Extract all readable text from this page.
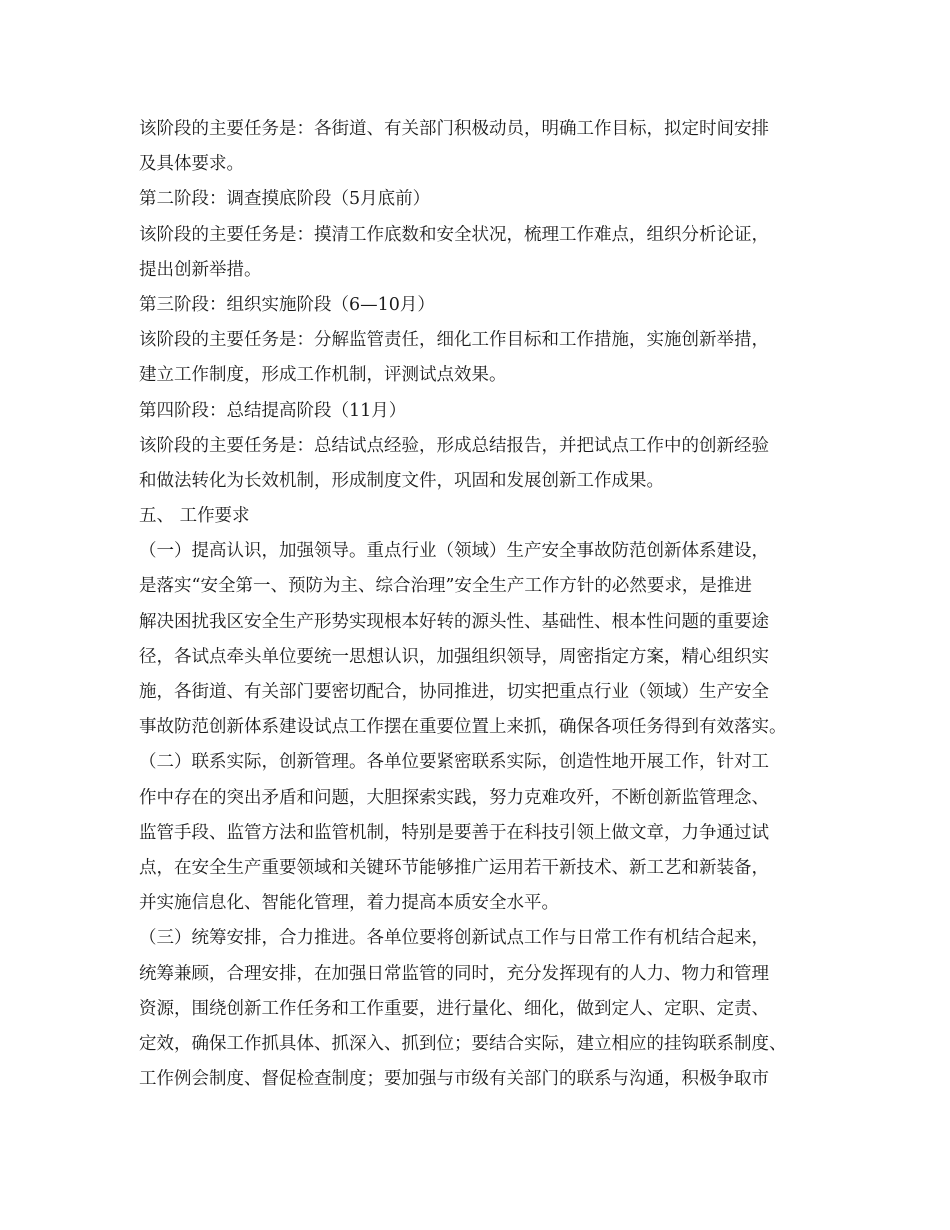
该阶段的主要任务是：各街道、有关部门积极动员，明确工作目标，拟定时间安排
及具体要求。
第二阶段：调查摸底阶段（5月底前）
该阶段的主要任务是：摸清工作底数和安全状况，梳理工作难点，组织分析论证，
提出创新举措。
第三阶段：组织实施阶段（6—10月）
该阶段的主要任务是：分解监管责任，细化工作目标和工作措施，实施创新举措，
建立工作制度，形成工作机制，评测试点效果。
第四阶段：总结提高阶段（11月）
该阶段的主要任务是：总结试点经验，形成总结报告，并把试点工作中的创新经验
和做法转化为长效机制，形成制度文件，巩固和发展创新工作成果。
五、 工作要求
（一）提高认识，加强领导。重点行业（领域）生产安全事故防范创新体系建设，
是落实“安全第一、预防为主、综合治理”安全生产工作方针的必然要求，是推进
解决困扰我区安全生产形势实现根本好转的源头性、基础性、根本性问题的重要途
径，各试点牵头单位要统一思想认识，加强组织领导，周密指定方案，精心组织实
施，各街道、有关部门要密切配合，协同推进，切实把重点行业（领域）生产安全
事故防范创新体系建设试点工作摆在重要位置上来抓，确保各项任务得到有效落实。
（二）联系实际，创新管理。各单位要紧密联系实际，创造性地开展工作，针对工
作中存在的突出矛盾和问题，大胆探索实践，努力克难攻歼，不断创新监管理念、
监管手段、监管方法和监管机制，特别是要善于在科技引领上做文章，力争通过试
点，在安全生产重要领域和关键环节能够推广运用若干新技术、新工艺和新装备，
并实施信息化、智能化管理，着力提高本质安全水平。
（三）统筹安排，合力推进。各单位要将创新试点工作与日常工作有机结合起来，
统筹兼顾，合理安排，在加强日常监管的同时，充分发挥现有的人力、物力和管理
资源，围绕创新工作任务和工作重要，进行量化、细化，做到定人、定职、定责、
定效，确保工作抓具体、抓深入、抓到位；要结合实际，建立相应的挂钩联系制度、
工作例会制度、督促检查制度；要加强与市级有关部门的联系与沟通，积极争取市
